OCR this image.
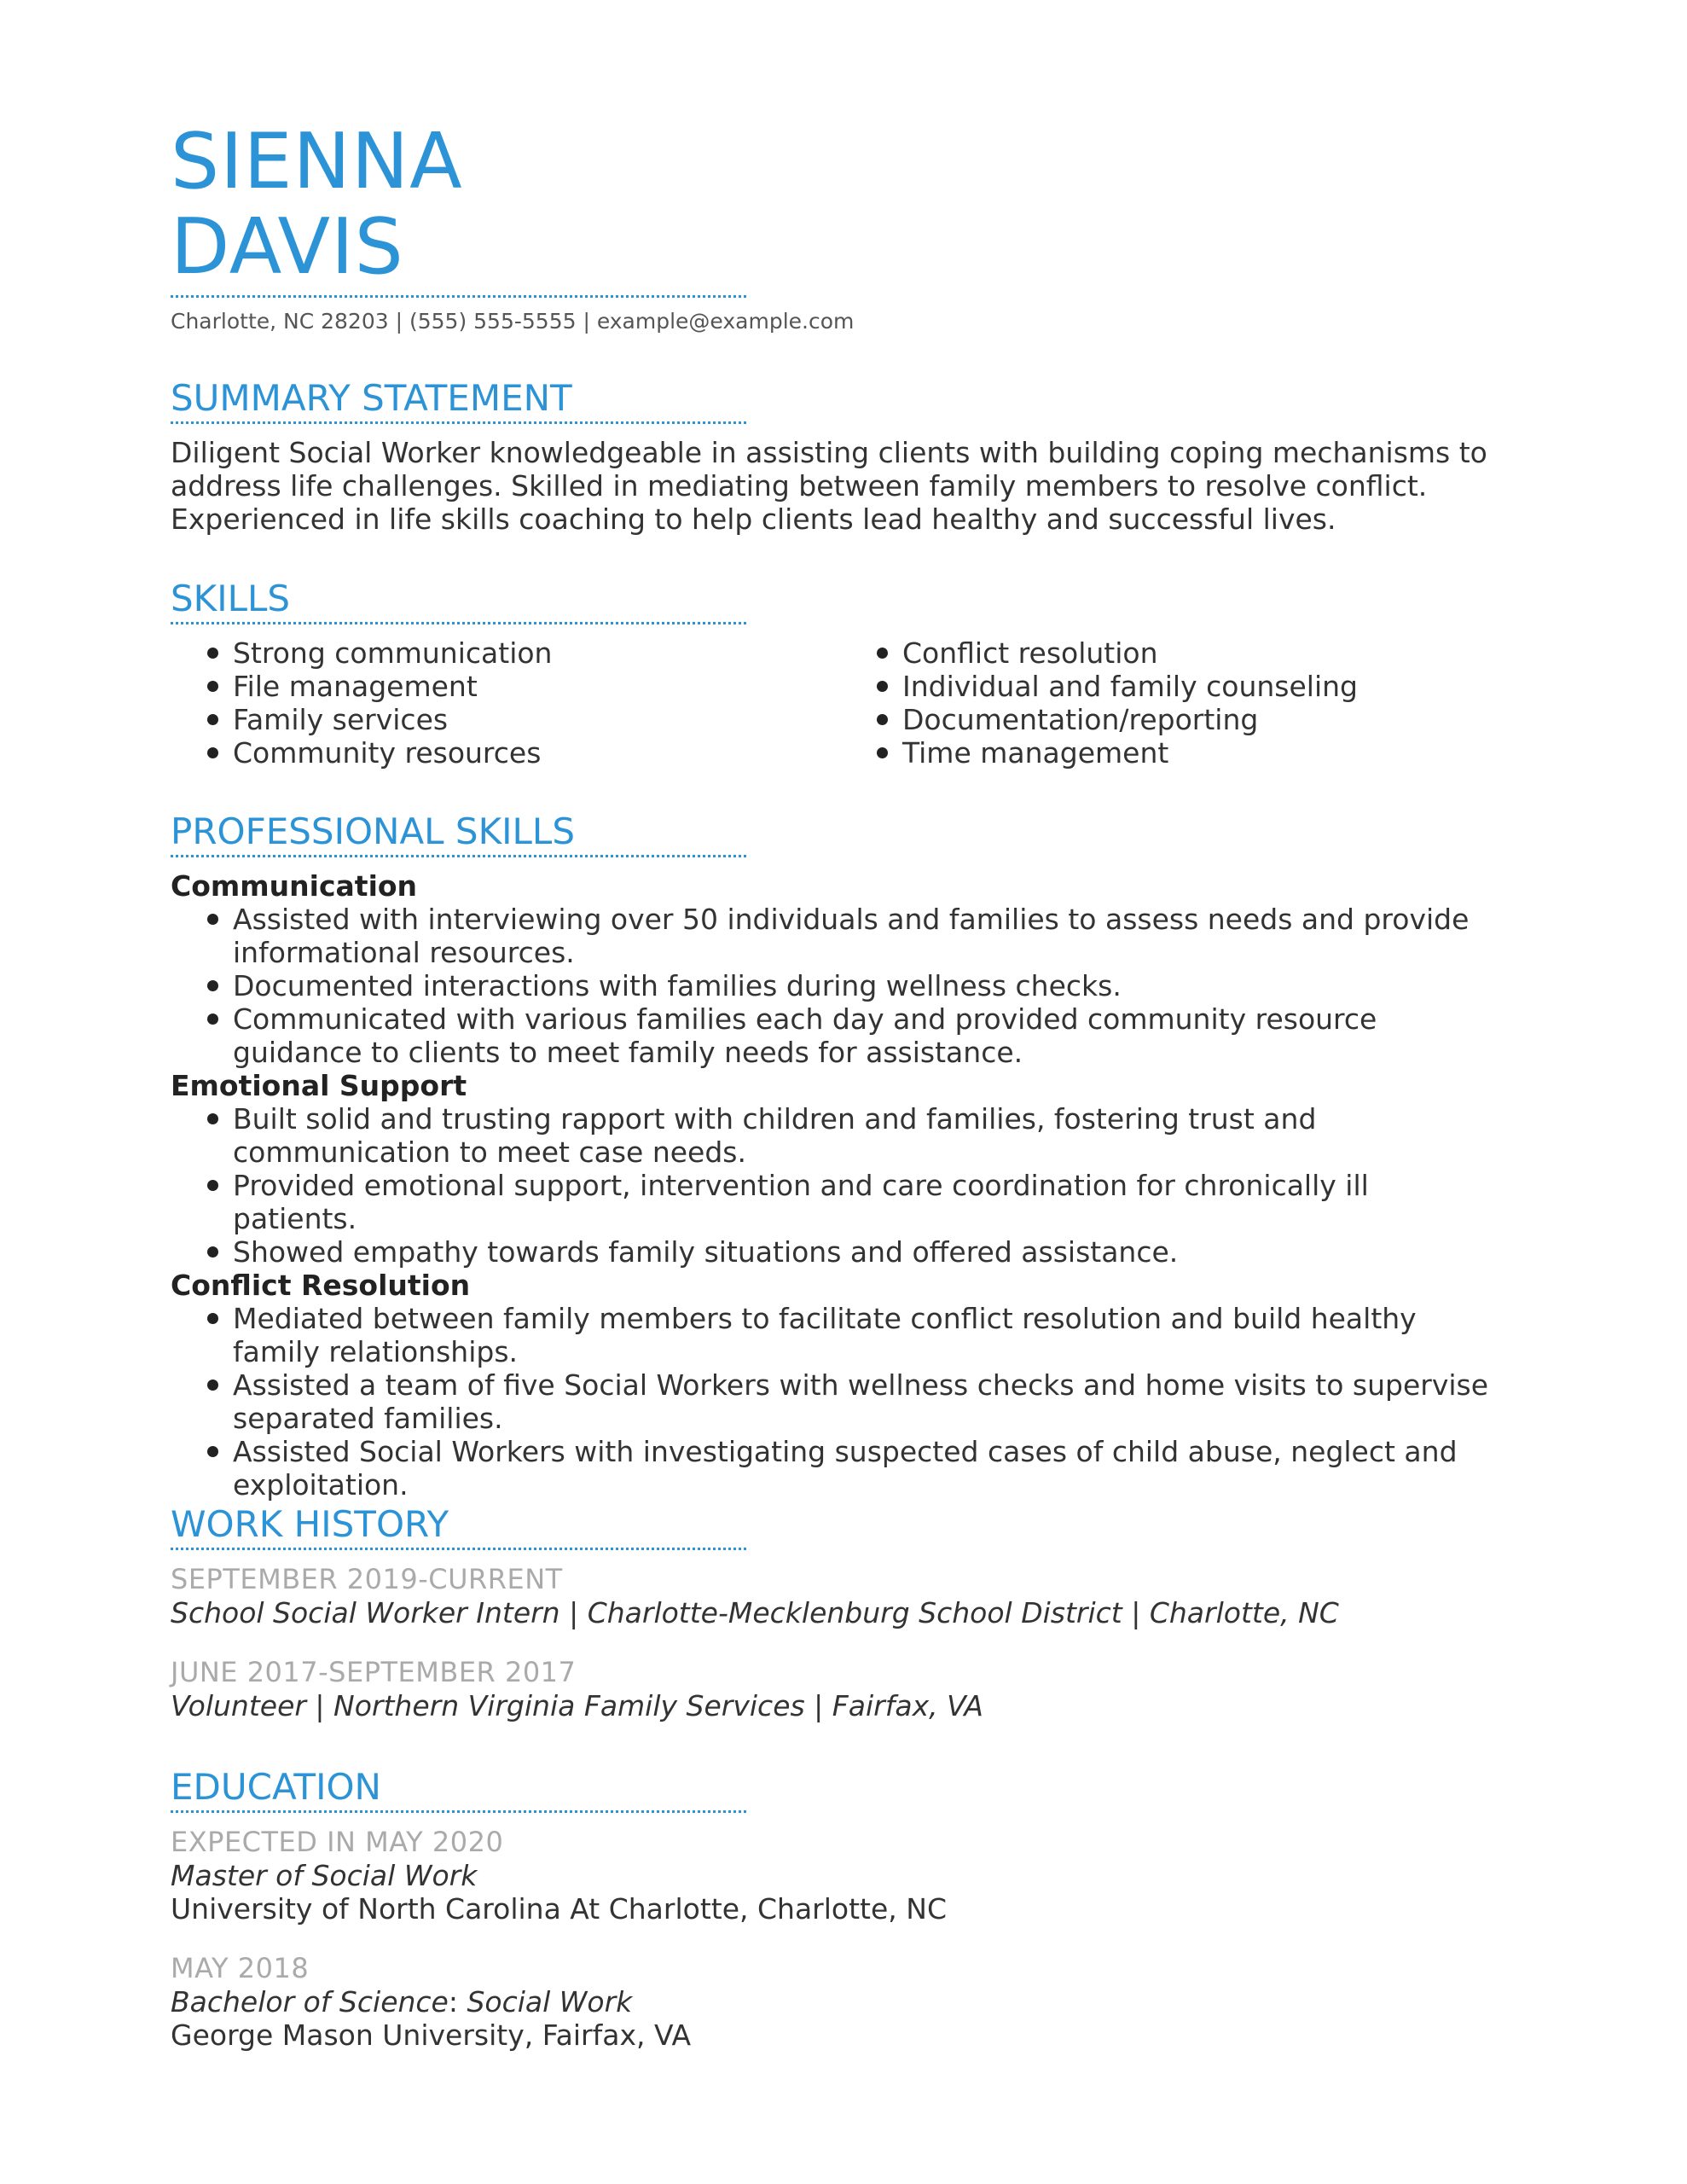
SIENNA
DAVIS
Charlotte, NC 28203 | (555) 555-5555 | example@example.com
SUMMARY STATEMENT
Diligent Social Worker knowledgeable in assisting clients with building coping mechanisms to address life challenges. Skilled in mediating between family members to resolve conflict. Experienced in life skills coaching to help clients lead healthy and successful lives.
SKILLS
Strong communication
File management
Family services
Community resources
Conflict resolution
Individual and family counseling
Documentation/reporting
Time management
PROFESSIONAL SKILLS
Communication
Assisted with interviewing over 50 individuals and families to assess needs and provide informational resources.
Documented interactions with families during wellness checks.
Communicated with various families each day and provided community resource guidance to clients to meet family needs for assistance.
Emotional Support
Built solid and trusting rapport with children and families, fostering trust and communication to meet case needs.
Provided emotional support, intervention and care coordination for chronically ill patients.
Showed empathy towards family situations and offered assistance.
Conflict Resolution
Mediated between family members to facilitate conflict resolution and build healthy family relationships.
Assisted a team of five Social Workers with wellness checks and home visits to supervise separated families.
Assisted Social Workers with investigating suspected cases of child abuse, neglect and exploitation.
WORK HISTORY
SEPTEMBER 2019-CURRENT
School Social Worker Intern | Charlotte-Mecklenburg School District | Charlotte, NC
JUNE 2017-SEPTEMBER 2017
Volunteer | Northern Virginia Family Services | Fairfax, VA
EDUCATION
EXPECTED IN MAY 2020
Master of Social Work
University of North Carolina At Charlotte, Charlotte, NC
MAY 2018
Bachelor of Science: Social Work
George Mason University, Fairfax, VA
